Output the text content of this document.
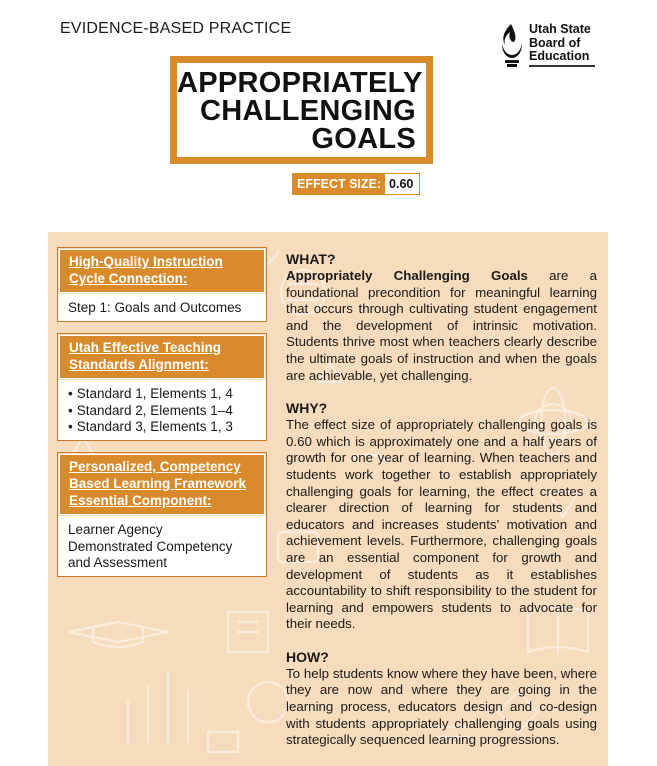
EVIDENCE-BASED PRACTICE	Utah State
Board of
Education
APPROPRIATELY
CHALLENGING
GOALS
EFFECT SIZE: 0.60
High-Quality Instruction Cycle Connection:
Step 1: Goals and Outcomes
Utah Effective Teaching Standards Alignment:
• Standard 1, Elements 1, 4
• Standard 2, Elements 1–4
• Standard 3, Elements 1, 3
Personalized, Competency Based Learning Framework Essential Component:
Learner Agency
Demonstrated Competency and Assessment
WHAT?

Appropriately Challenging Goals are a foundational precondition for meaningful learning that occurs through cultivating student engagement and the development of intrinsic motivation. Students thrive most when teachers clearly describe the ultimate goals of instruction and when the goals are achievable, yet challenging.

WHY?

The effect size of appropriately challenging goals is 0.60 which is approximately one and a half years of growth for one year of learning. When teachers and students work together to establish appropriately challenging goals for learning, the effect creates a clearer direction of learning for students and educators and increases students’ motivation and achievement levels. Furthermore, challenging goals are an essential component for growth and development of students as it establishes accountability to shift responsibility to the student for learning and empowers students to advocate for their needs.

HOW?

To help students know where they have been, where they are now and where they are going in the learning process, educators design and co-design with students appropriately challenging goals using strategically sequenced learning progressions.
